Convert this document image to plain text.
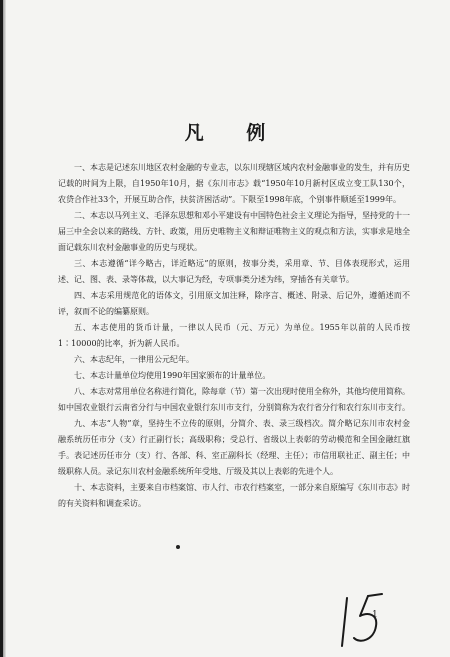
凡 例

一、本志是记述东川地区农村金融的专业志，以东川现辖区域内农村金融事业的发生，并有历史记载的时间为上限，自1950年10月，据《东川市志》载“1950年10月新村区成立变工队130个，农贷合作社33个，开展互助合作，扶贫济困活动”。下限至1998年底，个别事件顺延至1999年。

二、本志以马列主义、毛泽东思想和邓小平建设有中国特色社会主义理论为指导，坚持党的十一届三中全会以来的路线、方针、政策，用历史唯物主义和辩证唯物主义的观点和方法，实事求是地全面记载东川农村金融事业的历史与现状。

三、本志遵循“详今略古，详近略远”的原则，按事分类，采用章、节、目体表现形式，运用述、记、图、表、录等体裁，以大事记为经，专项事类分述为纬，穿插各有关章节。

四、本志采用规范化的语体文，引用原文加注释，除序言、概述、附录、后记外，遵循述而不评，叙而不论的编纂原则。

五、本志使用的货币计量，一律以人民币（元、万元）为单位。1955年以前的人民币按1∶10000的比率，折为新人民币。

六、本志纪年，一律用公元纪年。

七、本志计量单位均使用1990年国家颁布的计量单位。

八、本志对常用单位名称进行简化，除每章（节）第一次出现时使用全称外，其他均使用简称。如中国农业银行云南省分行与中国农业银行东川市支行，分别简称为农行省分行和农行东川市支行。

九、本志“人物”章，坚持生不立传的原则，分简介、表、录三级档次。简介略记东川市农村金融系统历任市分（支）行正副行长；高级职称；受总行、省级以上表彰的劳动模范和全国金融红旗手。表记述历任市分（支）行、各部、科、室正副科长（经理、主任）；市信用联社正、副主任；中级职称人员。录记东川农村金融系统所年受地、厅级及其以上表彰的先进个人。

十、本志资料，主要来自市档案馆、市人行、市农行档案室，一部分来自原编写《东川市志》时的有关资料和调查采访。

1
